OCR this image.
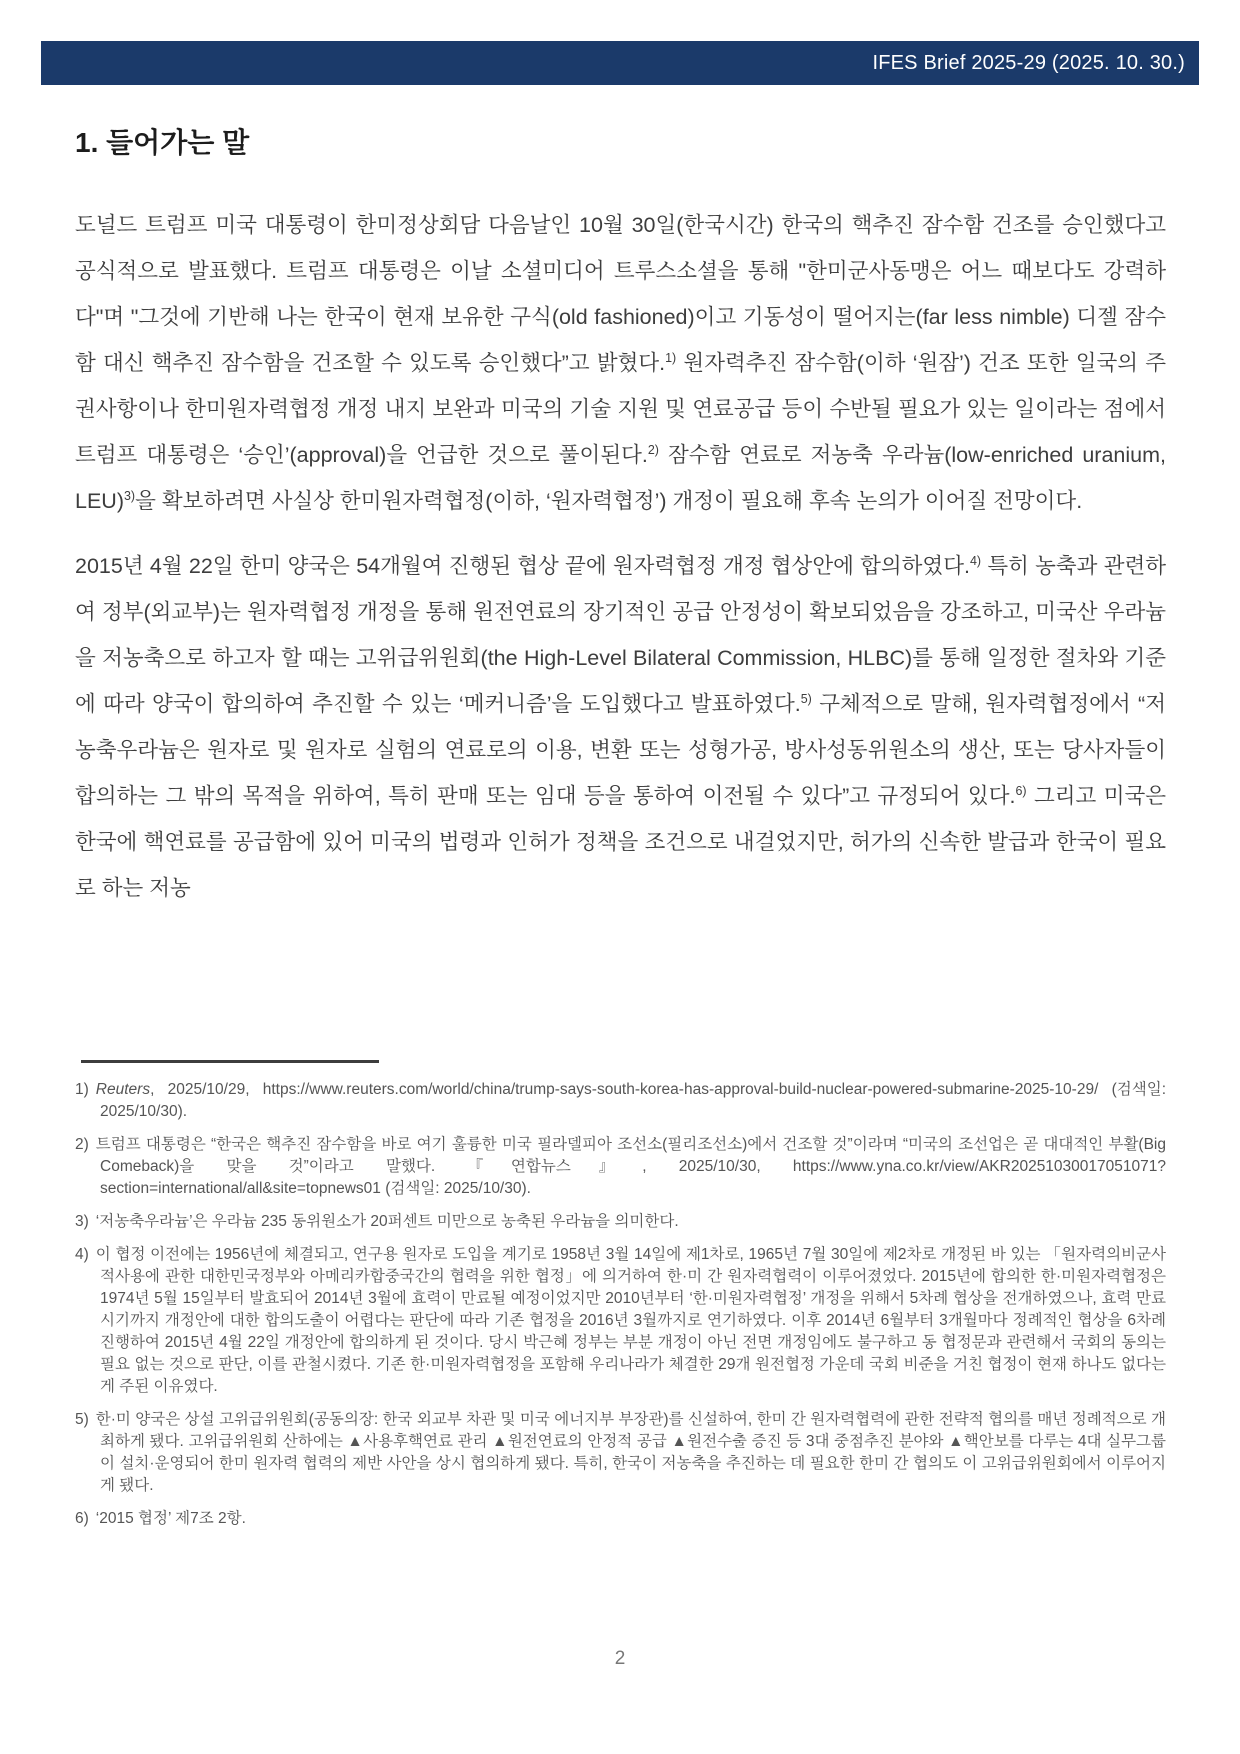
IFES Brief 2025-29 (2025. 10. 30.)
1. 들어가는 말

도널드 트럼프 미국 대통령이 한미정상회담 다음날인 10월 30일(한국시간) 한국의 핵추진 잠수함 건조를 승인했다고 공식적으로 발표했다. 트럼프 대통령은 이날 소셜미디어 트루스소셜을 통해 "한미군사동맹은 어느 때보다도 강력하다"며 "그것에 기반해 나는 한국이 현재 보유한 구식(old fashioned)이고 기동성이 떨어지는(far less nimble) 디젤 잠수함 대신 핵추진 잠수함을 건조할 수 있도록 승인했다”고 밝혔다.$^{1)}$ 원자력추진 잠수함(이하 ‘원잠’) 건조 또한 일국의 주권사항이나 한미원자력협정 개정 내지 보완과 미국의 기술 지원 및 연료공급 등이 수반될 필요가 있는 일이라는 점에서 트럼프 대통령은 ‘승인’(approval)을 언급한 것으로 풀이된다.$^{2)}$ 잠수함 연료로 저농축 우라늄(low-enriched uranium, LEU)$^{3)}$을 확보하려면 사실상 한미원자력협정(이하, ‘원자력협정’) 개정이 필요해 후속 논의가 이어질 전망이다.

2015년 4월 22일 한미 양국은 54개월여 진행된 협상 끝에 원자력협정 개정 협상안에 합의하였다.$^{4)}$ 특히 농축과 관련하여 정부(외교부)는 원자력협정 개정을 통해 원전연료의 장기적인 공급 안정성이 확보되었음을 강조하고, 미국산 우라늄을 저농축으로 하고자 할 때는 고위급위원회(the High-Level Bilateral Commission, HLBC)를 통해 일정한 절차와 기준에 따라 양국이 합의하여 추진할 수 있는 ‘메커니즘’을 도입했다고 발표하였다.$^{5)}$ 구체적으로 말해, 원자력협정에서 “저농축우라늄은 원자로 및 원자로 실험의 연료로의 이용, 변환 또는 성형가공, 방사성동위원소의 생산, 또는 당사자들이 합의하는 그 밖의 목적을 위하여, 특히 판매 또는 임대 등을 통하여 이전될 수 있다”고 규정되어 있다.$^{6)}$ 그리고 미국은 한국에 핵연료를 공급함에 있어 미국의 법령과 인허가 정책을 조건으로 내걸었지만, 허가의 신속한 발급과 한국이 필요로 하는 저농

1) Reuters, 2025/10/29, https://www.reuters.com/world/china/trump-says-south-korea-has-approval-build-nuclear-powered-submarine-2025-10-29/ (검색일: 2025/10/30).
2) 트럼프 대통령은 “한국은 핵추진 잠수함을 바로 여기 훌륭한 미국 필라델피아 조선소(필리조선소)에서 건조할 것”이라며 “미국의 조선업은 곧 대대적인 부활(Big Comeback)을 맞을 것”이라고 말했다. 『연합뉴스』, 2025/10/30, https://www.yna.co.kr/view/AKR20251030017051071?section=international/all&site=topnews01 (검색일: 2025/10/30).
3) ‘저농축우라늄’은 우라늄 235 동위원소가 20퍼센트 미만으로 농축된 우라늄을 의미한다.
4) 이 협정 이전에는 1956년에 체결되고, 연구용 원자로 도입을 계기로 1958년 3월 14일에 제1차로, 1965년 7월 30일에 제2차로 개정된 바 있는 「원자력의비군사적사용에 관한 대한민국정부와 아메리카합중국간의 협력을 위한 협정」에 의거하여 한·미 간 원자력협력이 이루어졌었다. 2015년에 합의한 한·미원자력협정은 1974년 5월 15일부터 발효되어 2014년 3월에 효력이 만료될 예정이었지만 2010년부터 ‘한·미원자력협정’ 개정을 위해서 5차례 협상을 전개하였으나, 효력 만료 시기까지 개정안에 대한 합의도출이 어렵다는 판단에 따라 기존 협정을 2016년 3월까지로 연기하였다. 이후 2014년 6월부터 3개월마다 정례적인 협상을 6차례 진행하여 2015년 4월 22일 개정안에 합의하게 된 것이다. 당시 박근혜 정부는 부분 개정이 아닌 전면 개정임에도 불구하고 동 협정문과 관련해서 국회의 동의는 필요 없는 것으로 판단, 이를 관철시켰다. 기존 한·미원자력협정을 포함해 우리나라가 체결한 29개 원전협정 가운데 국회 비준을 거친 협정이 현재 하나도 없다는 게 주된 이유였다.
5) 한·미 양국은 상설 고위급위원회(공동의장: 한국 외교부 차관 및 미국 에너지부 부장관)를 신설하여, 한미 간 원자력협력에 관한 전략적 협의를 매년 정례적으로 개최하게 됐다. 고위급위원회 산하에는 ▲사용후핵연료 관리 ▲원전연료의 안정적 공급 ▲원전수출 증진 등 3대 중점추진 분야와 ▲핵안보를 다루는 4대 실무그룹이 설치·운영되어 한미 원자력 협력의 제반 사안을 상시 협의하게 됐다. 특히, 한국이 저농축을 추진하는 데 필요한 한미 간 협의도 이 고위급위원회에서 이루어지게 됐다.
6) ‘2015 협정’ 제7조 2항.
2
